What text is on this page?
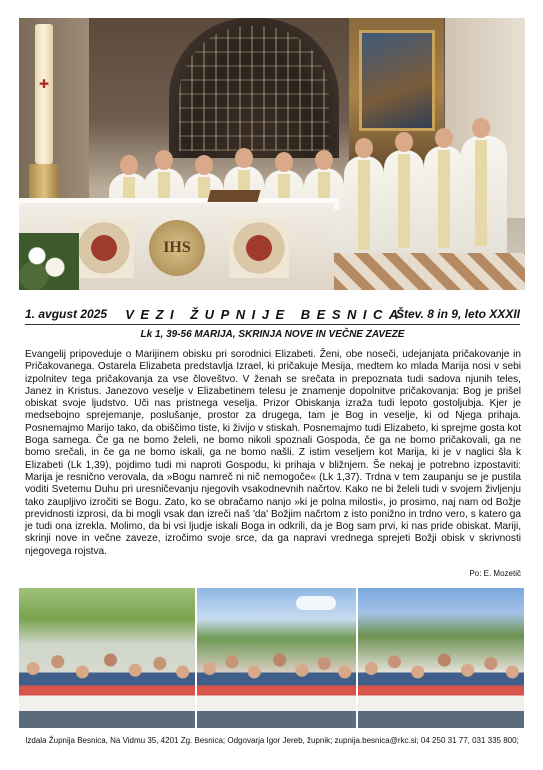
✚
IHS
1. avgust 2025	VEZI ŽUPNIJE BESNICA
Štev. 8 in 9, leto XXXII
Lk 1, 39-56 MARIJA, SKRINJA NOVE IN VEČNE ZAVEZE

Evangelij pripoveduje o Marijinem obisku pri sorodnici Elizabeti. Ženi, obe noseči, udejanjata pričakovanje in Pričakovanega. Ostarela Elizabeta predstavlja Izrael, ki pričakuje Mesija, medtem ko mlada Marija nosi v sebi izpolnitev tega pričakovanja za vse človeštvo. V ženah se srečata in prepoznata tudi sadova njunih teles, Janez in Kristus. Janezovo veselje v Elizabetinem telesu je znamenje dopolnitve pričakovanja: Bog je prišel obiskat svoje ljudstvo. Uči nas pristnega veselja. Prizor Obiskanja izraža tudi lepoto gostoljubja. Kjer je medsebojno sprejemanje, poslušanje, prostor za drugega, tam je Bog in veselje, ki od Njega prihaja. Posnemajmo Marijo tako, da obiščimo tiste, ki živijo v stiskah. Posnemajmo tudi Elizabeto, ki sprejme gosta kot Boga samega. Če ga ne bomo želeli, ne bomo nikoli spoznali Gospoda, če ga ne bomo pričakovali, ga ne bomo srečali, in če ga ne bomo iskali, ga ne bomo našli. Z istim veseljem kot Marija, ki je v naglici šla k Elizabeti (Lk 1,39), pojdimo tudi mi naproti Gospodu, ki prihaja v bližnjem. Še nekaj je potrebno izpostaviti: Marija je resnično verovala, da »Bogu namreč ni nič nemogoče« (Lk 1,37). Trdna v tem zaupanju se je pustila voditi Svetemu Duhu pri uresničevanju njegovih vsakodnevnih načrtov. Kako ne bi želeli tudi v svojem življenju tako zaupljivo izročiti se Bogu. Zato, ko se obračamo nanjo »ki je polna milosti«, jo prosimo, naj nam od Božje previdnosti izprosi, da bi mogli vsak dan izreči naš 'da' Božjim načrtom z isto ponižno in trdno vero, s katero ga je tudi ona izrekla. Molimo, da bi vsi ljudje iskali Boga in odkrili, da je Bog sam prvi, ki nas pride obiskat. Mariji, skrinji nove in večne zaveze, izročimo svoje srce, da ga napravi vrednega sprejeti Božji obisk v skrivnosti njegovega rojstva.

Po: E. Mozetič
Izdala Župnija Besnica, Na Vidmu 35, 4201 Zg. Besnica; Odgovarja Igor Jereb, župnik; zupnija.besnica@rkc.si; 04 250 31 77, 031 335 800;
